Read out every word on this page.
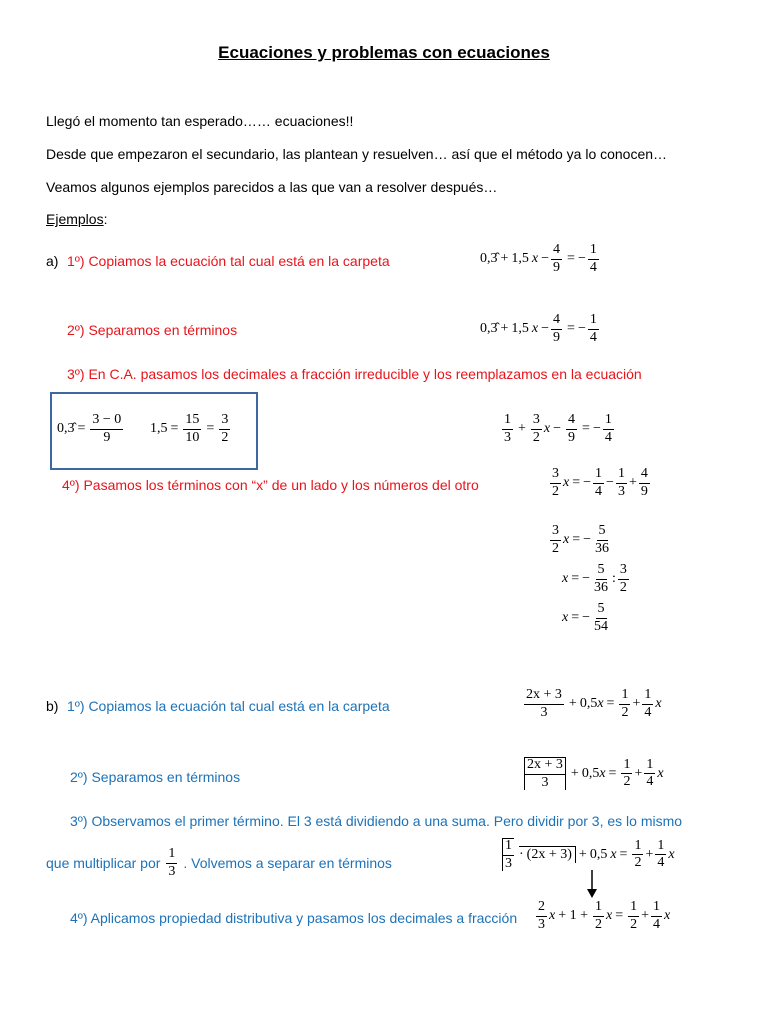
Ecuaciones y problemas con ecuaciones
Llegó el momento tan esperado…… ecuaciones!!
Desde que empezaron el secundario, las plantean y resuelven… así que el método ya lo conocen…
Veamos algunos ejemplos parecidos a las que van a resolver después…
Ejemplos:
a) 1º) Copiamos la ecuación tal cual está en la carpeta	0,3̂ + 1,5 $x - \frac{4}{9}$ = − $\frac{1}{4}$
2º) Separamos en términos	0, 3̂ + 1,5 $x - \frac{4}{9}$ = − $\frac{1}{4}$
3º) En C.A. pasamos los decimales a fracción irreducible y los reemplazamos en la ecuación
0, 3̂ = $\frac{3 - 0}{9} 1,5 = \frac{15}{10} = \frac{3}{2}$	$\frac{1}{3} + \frac{3}{2}$ $x - \frac{4}{9}$ = − $\frac{1}{4}$
4º) Pasamos los términos con “x” de un lado y los números del otro	$\frac{3}{2}$ x = − $\frac{1}{4} - \frac{1}{3} + \frac{4}{9}$
$\frac{3}{2}$ x = − $\frac{5}{36}$
x = − $\frac{5}{36}$ : $\frac{3}{2}$
x = − $\frac{5}{54}$
b) 1º) Copiamos la ecuación tal cual está en la carpeta	$\frac{2x + 3}{3} + 0,5$ $x = \frac{1}{2} + \frac{1}{4}$ x
2º) Separamos en términos	$\frac{2x + 3}{3} + 0,5$ $x = \frac{1}{2} + \frac{1}{4}$ x
3º) Observamos el primer término. El 3 está dividiendo a una suma. Pero dividir por 3, es lo mismo
que multiplicar por $\frac{1}{3}$ . Volvemos a separar en términos	$\frac{1}{3} \cdot (2x + 3) + 0,5$ $x = \frac{1}{2} + \frac{1}{4}$ x
4º) Aplicamos propiedad distributiva y pasamos los decimales a fracción $\frac{2}{3}$ $x + 1 + \frac{1}{2}$ $x = \frac{1}{2} + \frac{1}{4}$ x
